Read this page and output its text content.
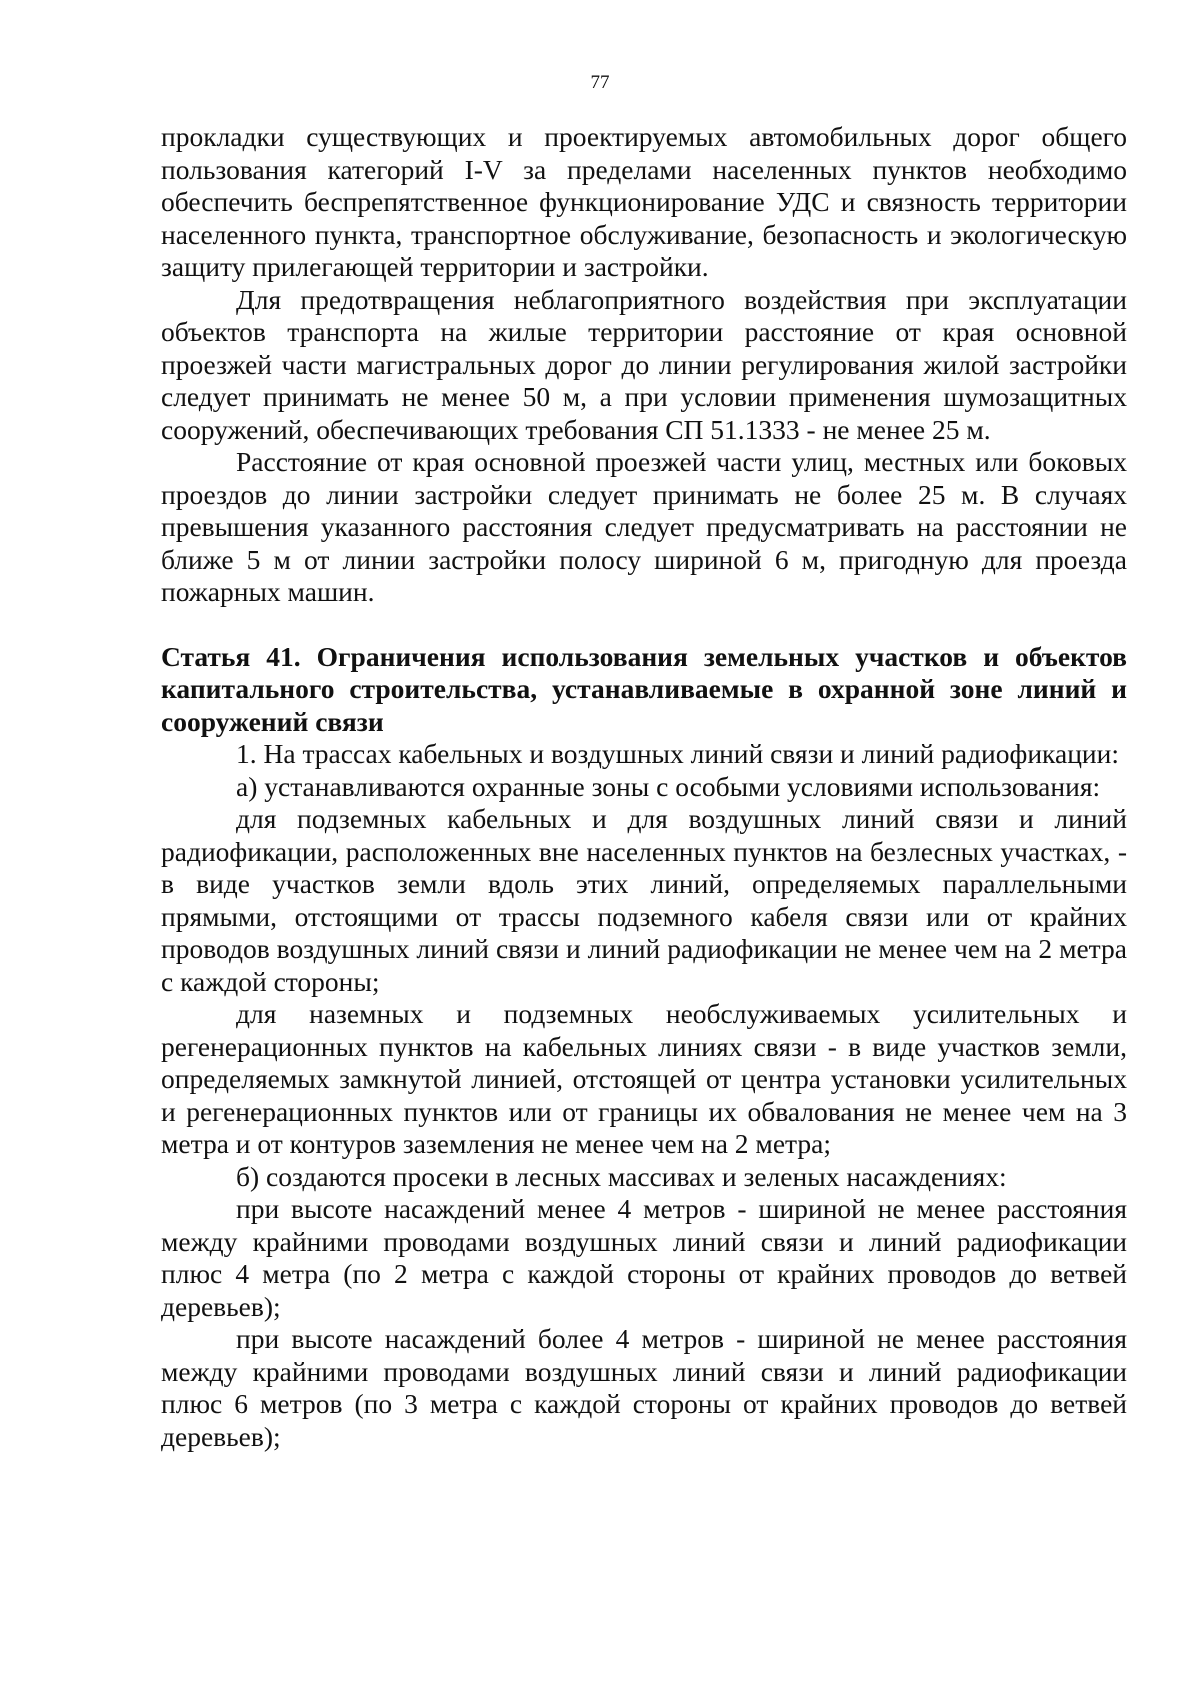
77

прокладки существующих и проектируемых автомобильных дорог общего пользования категорий I-V за пределами населенных пунктов необходимо обеспечить беспрепятственное функционирование УДС и связность территории населенного пункта, транспортное обслуживание, безопасность и экологическую защиту прилегающей территории и застройки.

Для предотвращения неблагоприятного воздействия при эксплуатации объектов транспорта на жилые территории расстояние от края основной проезжей части магистральных дорог до линии регулирования жилой застройки следует принимать не менее 50 м, а при условии применения шумозащитных сооружений, обеспечивающих требования СП 51.1333 - не менее 25 м.

Расстояние от края основной проезжей части улиц, местных или боковых проездов до линии застройки следует принимать не более 25 м. В случаях превышения указанного расстояния следует предусматривать на расстоянии не ближе 5 м от линии застройки полосу шириной 6 м, пригодную для проезда пожарных машин.

Статья 41. Ограничения использования земельных участков и объектов капитального строительства, устанавливаемые в охранной зоне линий и сооружений связи

1. На трассах кабельных и воздушных линий связи и линий радиофикации:

а) устанавливаются охранные зоны с особыми условиями использования:

для подземных кабельных и для воздушных линий связи и линий радиофикации, расположенных вне населенных пунктов на безлесных участках, - в виде участков земли вдоль этих линий, определяемых параллельными прямыми, отстоящими от трассы подземного кабеля связи или от крайних проводов воздушных линий связи и линий радиофикации не менее чем на 2 метра с каждой стороны;

для наземных и подземных необслуживаемых усилительных и регенерационных пунктов на кабельных линиях связи - в виде участков земли, определяемых замкнутой линией, отстоящей от центра установки усилительных и регенерационных пунктов или от границы их обвалования не менее чем на 3 метра и от контуров заземления не менее чем на 2 метра;

б) создаются просеки в лесных массивах и зеленых насаждениях:

при высоте насаждений менее 4 метров - шириной не менее расстояния между крайними проводами воздушных линий связи и линий радиофикации плюс 4 метра (по 2 метра с каждой стороны от крайних проводов до ветвей деревьев);

при высоте насаждений более 4 метров - шириной не менее расстояния между крайними проводами воздушных линий связи и линий радиофикации плюс 6 метров (по 3 метра с каждой стороны от крайних проводов до ветвей деревьев);
